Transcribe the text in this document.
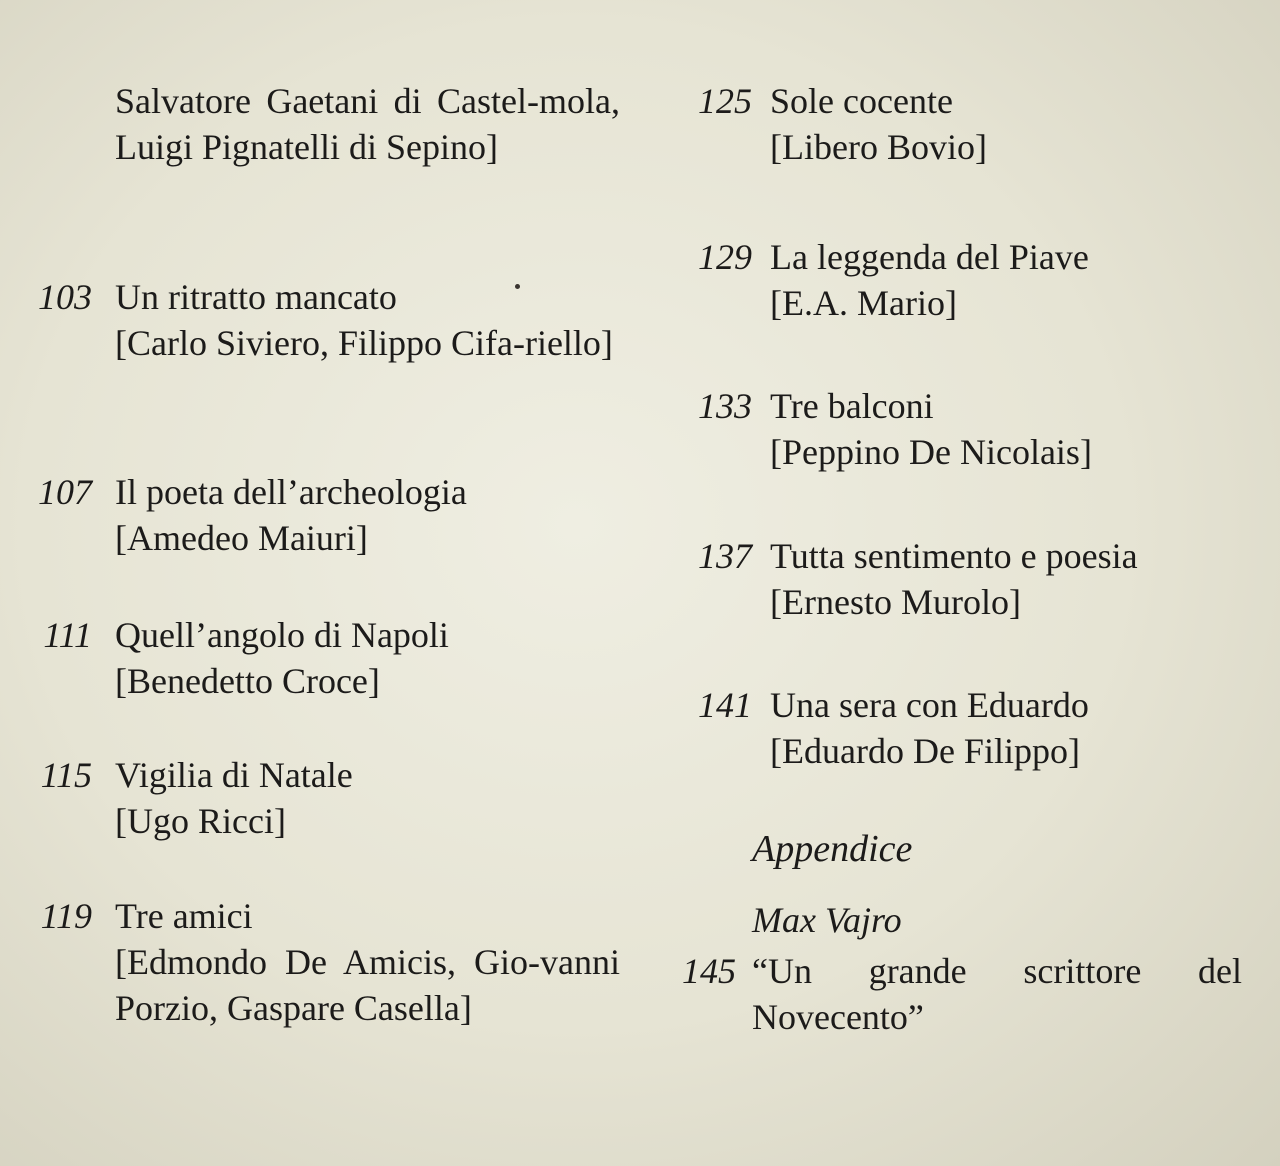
Salvatore Gaetani di Castel-mola, Luigi Pignatelli di Sepino]
103 Un ritratto mancato
[Carlo Siviero, Filippo Cifa-riello]
107 Il poeta dell’archeologia
[Amedeo Maiuri]
111 Quell’angolo di Napoli
[Benedetto Croce]
115 Vigilia di Natale
[Ugo Ricci]
119 Tre amici
[Edmondo De Amicis, Gio-vanni Porzio, Gaspare Casella]
125 Sole cocente
[Libero Bovio]
129 La leggenda del Piave
[E.A. Mario]
133 Tre balconi
[Peppino De Nicolais]
137 Tutta sentimento e poesia
[Ernesto Murolo]
141 Una sera con Eduardo
[Eduardo De Filippo]
Appendice
Max Vajro
145 “Un grande scrittore del Novecento”
